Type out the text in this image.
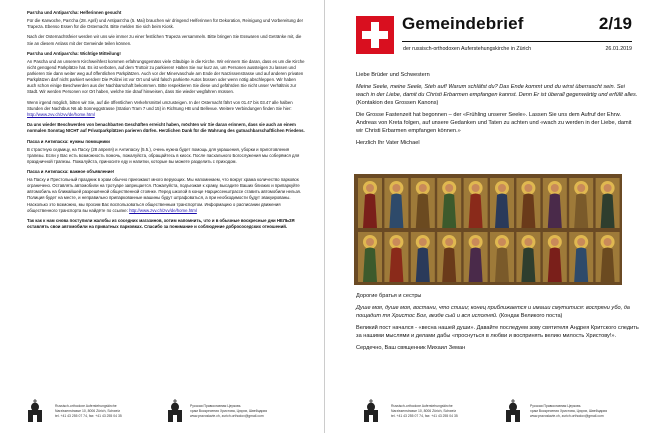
Pas'cha und Antipas'cha: Helferinnen gesucht

Für die Karwoche, Pas'cha (28. April) und Antipas'cha (5. Mai) brauchen wir dringend Helferinnen für Dekoration, Reinigung und Vorbereitung der Trapeza. Ebenso Essen für die Osternacht. Bitte melden Sie sich beim Kiosk.

Nach der Osternachtsfeier werden wir uns wie immer zu einer festlichen Trapeza versammeln. Bitte bringen Sie Esswaren und Getränke mit, die Sie an diesem Anlass mit der Gemeinde teilen können.

Pas'cha und Antipas'cha: Wichtige Mitteilung!

An Pascha und an unserem Kirchweihfest kommen erfahrungsgemäss viele Gläubige in die Kirche. Wir erinnern Sie daran, dass es um die Kirche nicht genügend Parkplätze hat. Es ist verboten, auf dem Trottoir zu parkieren! Halten Sie nur kurz an, um Personen aussteigen zu lassen und parkieren Sie dann weiter weg auf öffentlichen Parkplätzen. Auch vor der Minervaschule am Ende der Narzissenstrasse und auf anderen privaten Parkplätzen darf nicht parkiert werden! Die Polizei ist vor Ort und wird falsch parkierte Autos büssen oder wenn nötig abschleppen. Wir haben auch schon einige Beschwerden aus der Nachbarschaft bekommen. Bitte respektieren Sie diese und gefährden Sie nicht unser Verhältnis zur Stadt. Wir werden Personen vor Ort haben, welche Sie drauf hinweisen, dass Sie wieder wegfahren müssen.

Wenn irgend möglich, bitten wir Sie, auf die öffentlichen Verkehrsmittel umzusteigen. In der Osternacht fährt von 01.47 bis 03.47 alle halben Stunden der Nachtbus N6 ab Sonneggstrasse (Station Tram 7 und 15) in Richtung HB und Bellevue. Weitere Verbindungen finden Sie hier: http://www.zvv.ch/zvv/de/home.html

Da uns wieder Beschwerden von benachbarten Geschäften erreicht haben, möchten wir Sie daran erinnern, dass sie auch an einem normalen Sonntag NICHT auf Privatparkplätzen parieren dürfen. Herzlichen Dank für die Wahrung des gutnachbarschaftlichen Friedens.

Пасха и Антипасха: нужны помощники

В страстную седмицу, на Пасху (28 апреля) и Антипасху (5.5.), очень нужна будет помощь для украшения, уборки и приготовления трапезы. Если у Вас есть возможность помочь, пожалуйста, обращайтесь в киоск. После пасхального Богослужения мы соберёмся для праздничной трапезы. Пожалуйста, приносите еду и напитки, которые вы можете разделить с приходом.

Пасха и Антипасха: важное объявление!

На Пасху и Престольный праздник в храм обычно приезжают много верующих. Мы напоминаем, что вокруг храма количество парковок ограничено. Оставлять автомобили на тротуаре запрещается. Пожалуйста, подъезжая к храму, высадите Ваших близких и припаркуйте автомобиль на ближайшей разрешённой общественной стоянке. Перед школой в конце Нарциссенштрассе ставить автомобили нельзя. Полиция будет на месте, и неправильно припаркованные машины будут штрафоваться, а при необходимости будут эвакуированы. Насколько это возможно, мы просим Вас воспользоваться общественным транспортом. Информацию о расписании движения общественного транспорта вы найдёте по ссылке: http://www.zvv.ch/zvv/de/home.html

Так как к нам снова поступили жалобы из соседних магазинов, хотим напомнить, что и в обычные воскресные дни НЕЛЬЗЯ оставлять свои автомобили на приватных парковках. Спасибо за понимание и соблюдение добрососедских отношений.

Russisch-orthodoxe Auferstehungskirche
Narzissenstrasse 10, 8006 Zürich, Schweiz
tel. +41 43 255 07 74, fax: +41 43 255 04 35
Русская Православная Церковь
храм Воскресения Христова, Цюрих, Швейцария
www.pravoslavie.ch, zurich.orthodox@gmail.com
Gemeindebrief	2/19
der russisch-orthodoxen Auferstehungskirche in Zürich	26.01.2019

Liebe Brüder und Schwestern

Meine Seele, meine Seele, Steh auf! Warum schläfst du? Das Ende kommt und du wirst überrascht sein. Sei wach in der Liebe, damit du Christi Erbarmen empfangen kannst. Denn Er ist überall gegenwärtig und erfüllt alles. (Kontakion des Grossen Kanons)

Die Grosse Fastenzeit hat begonnen – der «Frühling unserer Seele». Lassen Sie uns dem Aufruf der Ehrw. Andreas von Kreta folgen, auf unsere Gedanken und Taten zu achten und «wach zu werden in der Liebe, damit wir Christi Erbarmen empfangen können.»

Herzlich Ihr Vater Michael

Дорогие братья и сестры

Душе моя, душе моя, востани, что спиши; конец приближается и имаши смутитися: воспряни убо, да пощадит тя Христос Бог, везде сый и вся исполняй. (Кондак Великого поста)

Великий пост начался - «весна нашей души». Давайте последуем зову святителя Андрея Критского следить за нашими мыслями и делами дабы «проснуться в любви и воспринять велию милость Христову!».

Сердечно, Ваш священник Михаил Земан

Russisch-orthodoxe Auferstehungskirche
Narzissenstrasse 10, 8006 Zürich, Schweiz
tel. +41 43 255 07 74, fax: +41 43 255 04 35
Русская Православная Церковь
храм Воскресения Христова, Цюрих, Швейцария
www.pravoslavie.ch, zurich.orthodox@gmail.com
